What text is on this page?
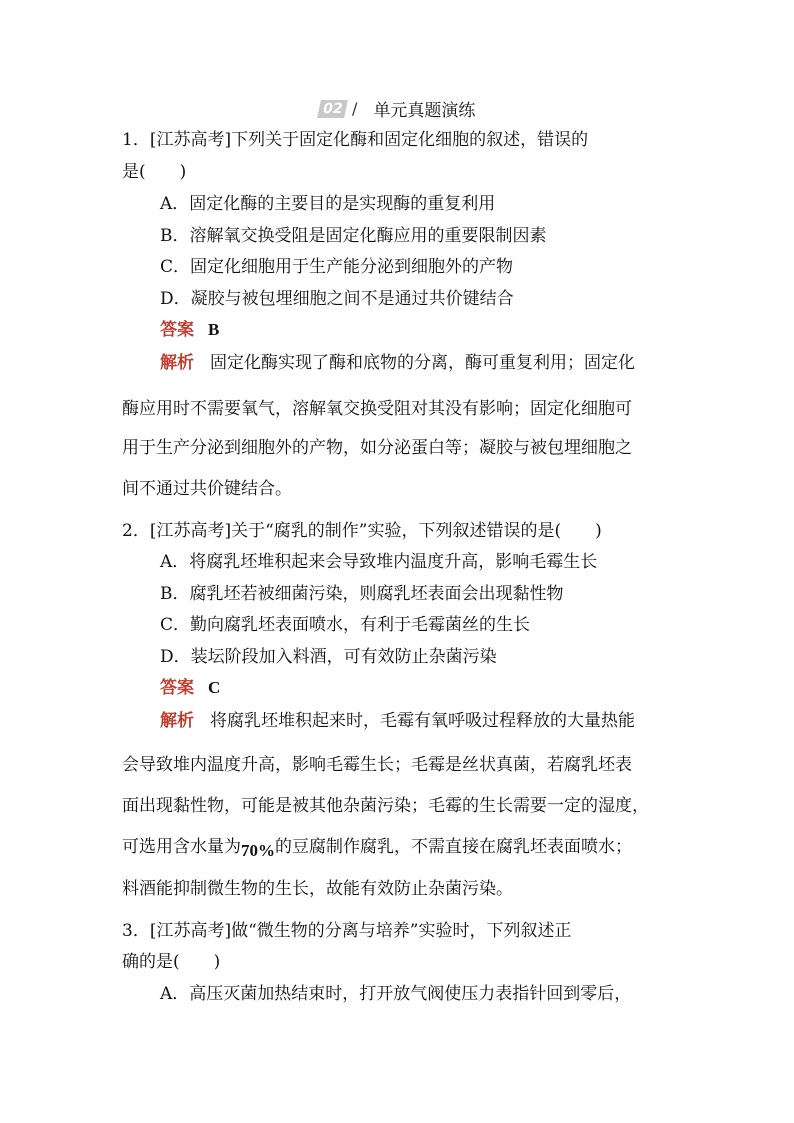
02 / 单元真题演练
1．[江苏高考]下列关于固定化酶和固定化细胞的叙述，错误的
是(　　)
A．固定化酶的主要目的是实现酶的重复利用
B．溶解氧交换受阻是固定化酶应用的重要限制因素
C．固定化细胞用于生产能分泌到细胞外的产物
D．凝胶与被包埋细胞之间不是通过共价键结合
答案 B
解析 固定化酶实现了酶和底物的分离，酶可重复利用；固定化
酶应用时不需要氧气，溶解氧交换受阻对其没有影响；固定化细胞可
用于生产分泌到细胞外的产物，如分泌蛋白等；凝胶与被包埋细胞之
间不通过共价键结合。
2．[江苏高考]关于“腐乳的制作”实验，下列叙述错误的是(　　)
A．将腐乳坯堆积起来会导致堆内温度升高，影响毛霉生长
B．腐乳坯若被细菌污染，则腐乳坯表面会出现黏性物
C．勤向腐乳坯表面喷水，有利于毛霉菌丝的生长
D．装坛阶段加入料酒，可有效防止杂菌污染
答案 C
解析 将腐乳坯堆积起来时，毛霉有氧呼吸过程释放的大量热能
会导致堆内温度升高，影响毛霉生长；毛霉是丝状真菌，若腐乳坯表
面出现黏性物，可能是被其他杂菌污染；毛霉的生长需要一定的湿度，
可选用含水量为70%的豆腐制作腐乳，不需直接在腐乳坯表面喷水；
料酒能抑制微生物的生长，故能有效防止杂菌污染。
3．[江苏高考]做“微生物的分离与培养”实验时，下列叙述正
确的是(　　)
A．高压灭菌加热结束时，打开放气阀使压力表指针回到零后，
